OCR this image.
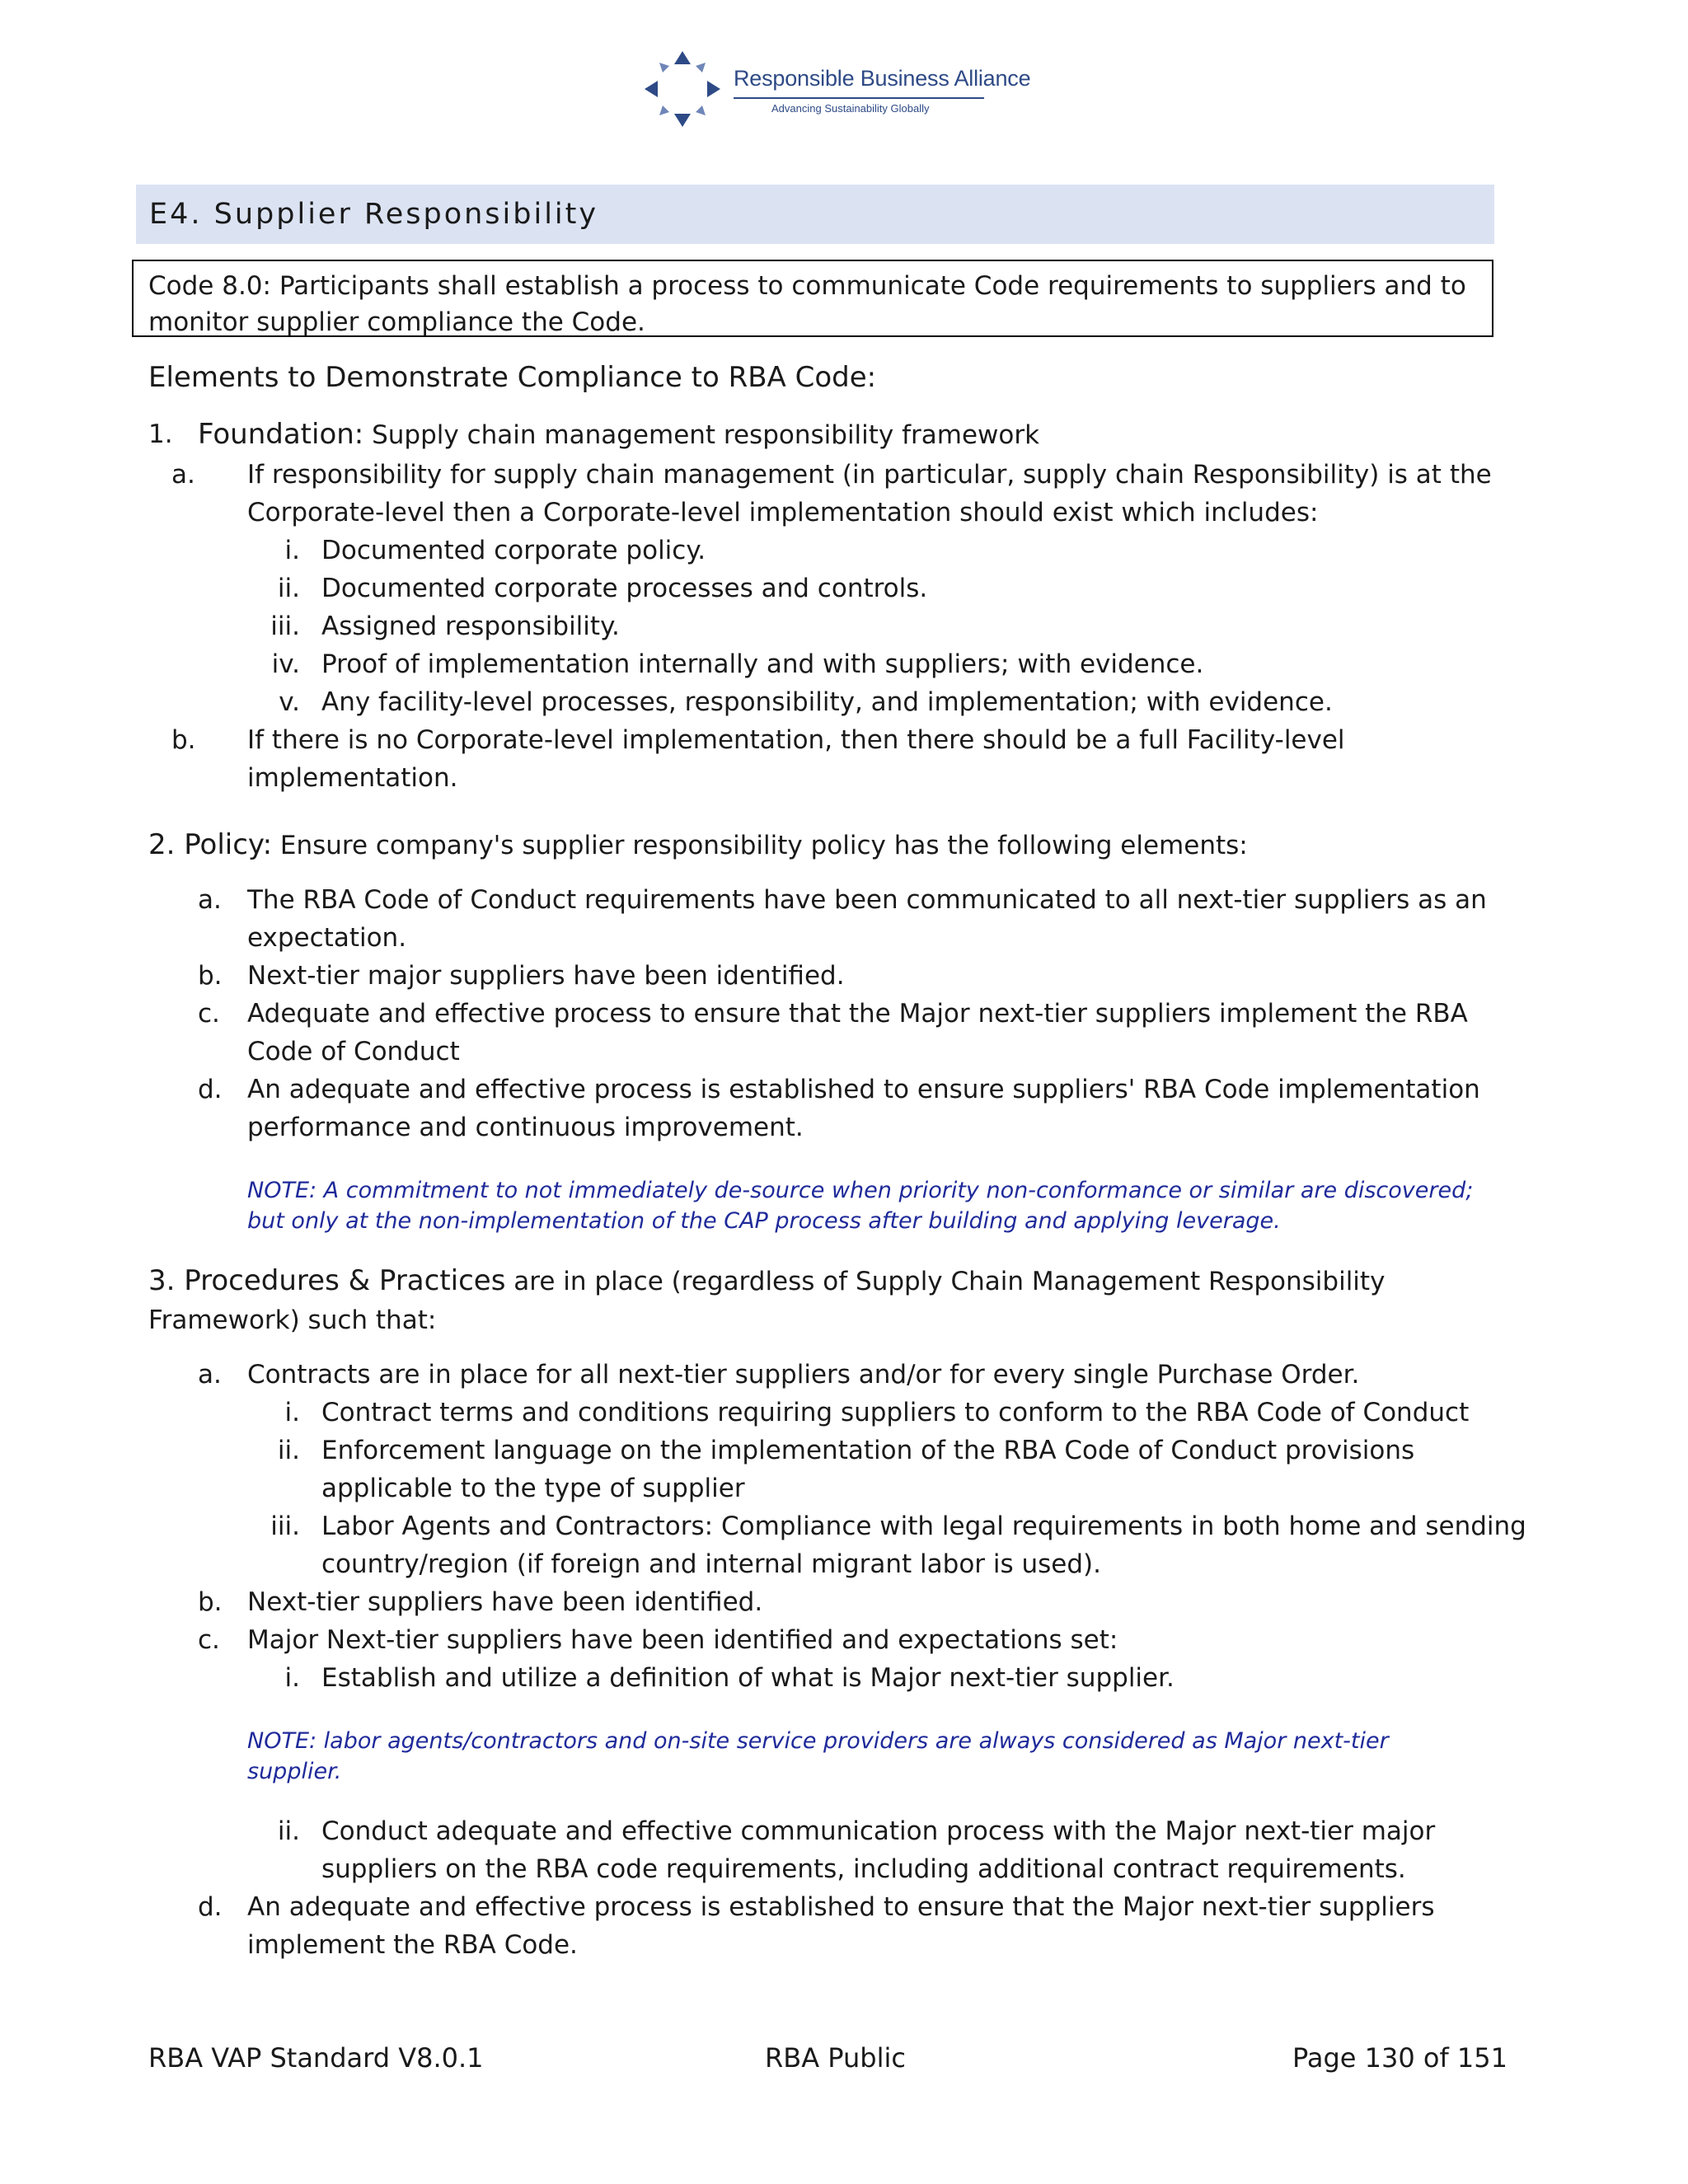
Responsible Business Alliance
Advancing Sustainability Globally
E4. Supplier Responsibility

Code 8.0: Participants shall establish a process to communicate Code requirements to suppliers and to monitor supplier compliance the Code.

Elements to Demonstrate Compliance to RBA Code:
1. Foundation: Supply chain management responsibility framework
a.	If responsibility for supply chain management (in particular, supply chain Responsibility) is at the
Corporate-level then a Corporate-level implementation should exist which includes:
i. Documented corporate policy.
ii. Documented corporate processes and controls.
iii. Assigned responsibility.
iv. Proof of implementation internally and with suppliers; with evidence.
v. Any facility-level processes, responsibility, and implementation; with evidence.
b.	If there is no Corporate-level implementation, then there should be a full Facility-level
implementation.
2. Policy: Ensure company's supplier responsibility policy has the following elements:
a.	The RBA Code of Conduct requirements have been communicated to all next-tier suppliers as an
expectation.
b. Next-tier major suppliers have been identified.
c.	Adequate and effective process to ensure that the Major next-tier suppliers implement the RBA
Code of Conduct
d. An adequate and effective process is established to ensure suppliers' RBA Code implementation
performance and continuous improvement.
NOTE: A commitment to not immediately de-source when priority non-conformance or similar are discovered;
but only at the non-implementation of the CAP process after building and applying leverage.
3. Procedures & Practices are in place (regardless of Supply Chain Management Responsibility
Framework) such that:
a.	Contracts are in place for all next-tier suppliers and/or for every single Purchase Order.
i. Contract terms and conditions requiring suppliers to conform to the RBA Code of Conduct
ii. Enforcement language on the implementation of the RBA Code of Conduct provisions
applicable to the type of supplier
iii. Labor Agents and Contractors: Compliance with legal requirements in both home and sending
country/region (if foreign and internal migrant labor is used).
b. Next-tier suppliers have been identified.
c.	Major Next-tier suppliers have been identified and expectations set:
i. Establish and utilize a definition of what is Major next-tier supplier.
NOTE: labor agents/contractors and on-site service providers are always considered as Major next-tier
supplier.
ii. Conduct adequate and effective communication process with the Major next-tier major
suppliers on the RBA code requirements, including additional contract requirements.
d. An adequate and effective process is established to ensure that the Major next-tier suppliers
implement the RBA Code.
RBA VAP Standard V8.0.1	RBA Public	Page 130 of 151
